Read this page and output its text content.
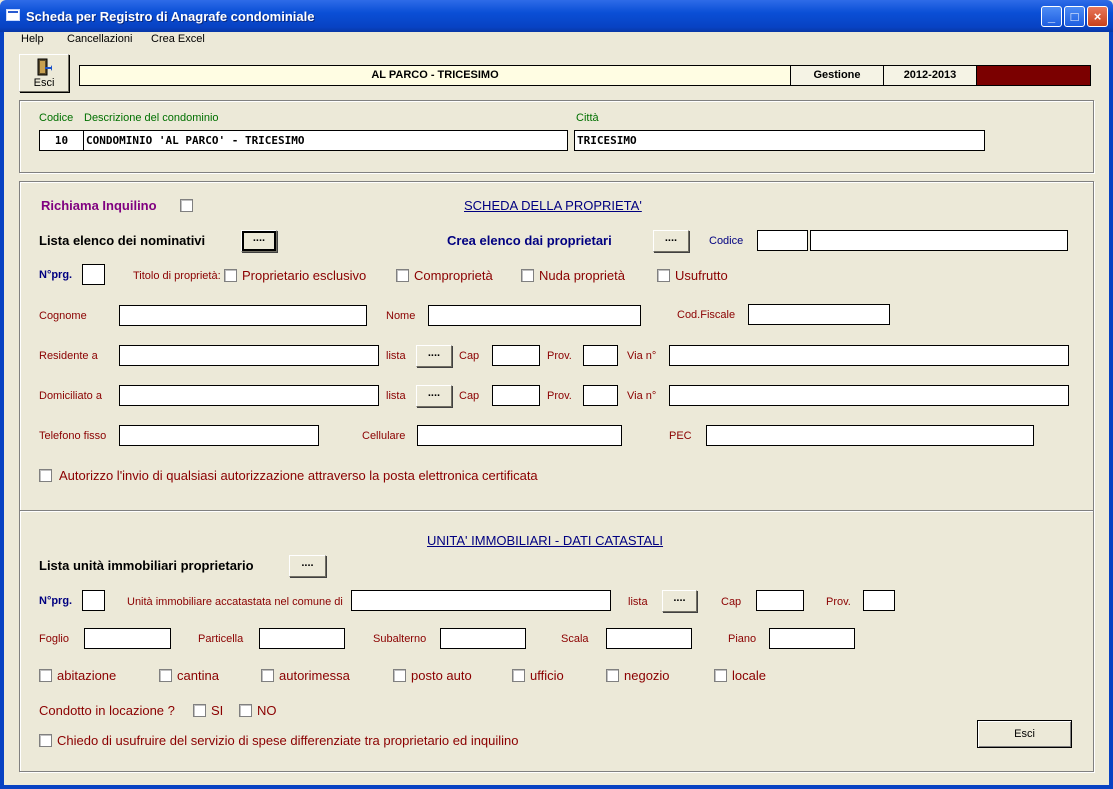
Scheda per Registro di Anagrafe condominiale	_	□	×
Help Cancellazioni Crea Excel
Esci
AL PARCO - TRICESIMO	Gestione	2012-2013
Codice Descrizione del condominio	Città
10	CONDOMINIO 'AL PARCO' - TRICESIMO	TRICESIMO
Richiama Inquilino	SCHEDA DELLA PROPRIETA'
Lista elenco dei nominativi	....	Crea elenco dai proprietari	....	Codice
N°prg.	Titolo di proprietà: Proprietario esclusivo	Comproprietà	Nuda proprietà	Usufrutto
Cognome	Nome	Cod.Fiscale
Residente a	lista	....	Cap	Prov.	Via n°
Domiciliato a	lista	....	Cap	Prov.	Via n°
Telefono fisso	Cellulare	PEC
Autorizzo l'invio di qualsiasi autorizzazione attraverso la posta elettronica certificata
UNITA' IMMOBILIARI - DATI CATASTALI
Lista unità immobiliari proprietario	....
N°prg.	Unità immobiliare accatastata nel comune di	lista	....	Cap	Prov.
Foglio	Particella	Subalterno	Scala	Piano
abitazione	cantina	autorimessa	posto auto	ufficio	negozio	locale
Condotto in locazione ?	SI	NO
Chiedo di usufruire del servizio di spese differenziate tra proprietario ed inquilino	Esci
